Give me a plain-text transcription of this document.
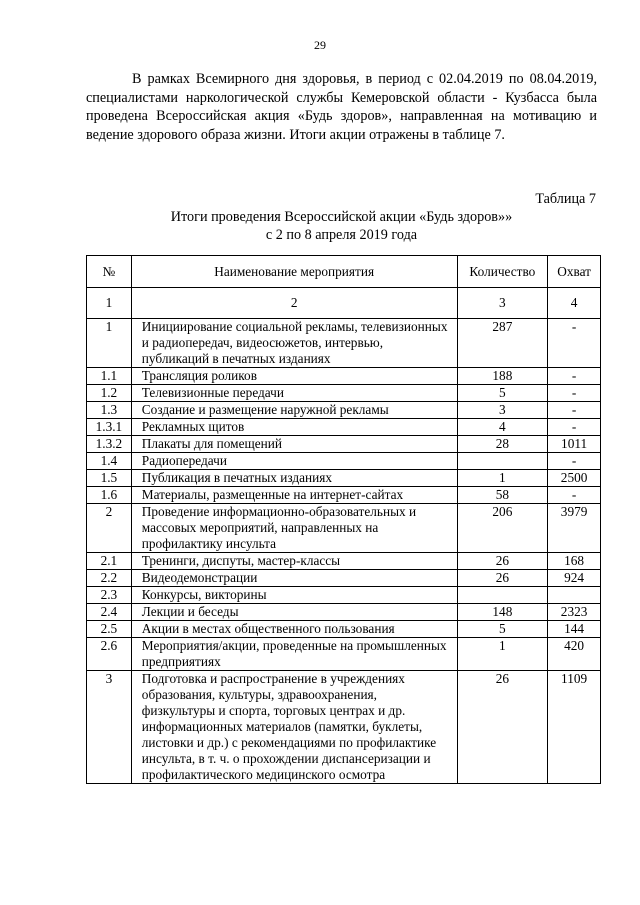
29

В рамках Всемирного дня здоровья, в период с 02.04.2019 по 08.04.2019, специалистами наркологической службы Кемеровской области - Кузбасса была проведена Всероссийская акция «Будь здоров», направленная на мотивацию и ведение здорового образа жизни. Итоги акции отражены в таблице 7.

Таблица 7
Итоги проведения Всероссийской акции «Будь здоров»»
с 2 по 8 апреля 2019 года
№	Наименование мероприятия	Количество	Охват
1	2	3	4
1	Инициирование социальной рекламы, телевизионных и радиопередач, видеосюжетов, интервью, публикаций в печатных изданиях	287	-
1.1	Трансляция роликов	188	-
1.2	Телевизионные передачи	5	-
1.3	Создание и размещение наружной рекламы	3	-
1.3.1	Рекламных щитов	4	-
1.3.2	Плакаты для помещений	28	1011
1.4	Радиопередачи		-
1.5	Публикация в печатных изданиях	1	2500
1.6	Материалы, размещенные на интернет-сайтах	58	-
2	Проведение информационно-образовательных и массовых мероприятий, направленных на профилактику инсульта	206	3979
2.1	Тренинги, диспуты, мастер-классы	26	168
2.2	Видеодемонстрации	26	924
2.3	Конкурсы, викторины		
2.4	Лекции и беседы	148	2323
2.5	Акции в местах общественного пользования	5	144
2.6	Мероприятия/акции, проведенные на промышленных предприятиях	1	420
3	Подготовка и распространение в учреждениях образования, культуры, здравоохранения, физкультуры и спорта, торговых центрах и др. информационных материалов (памятки, буклеты, листовки и др.) с рекомендациями по профилактике инсульта, в т. ч. о прохождении диспансеризации и профилактического медицинского осмотра	26	1109
